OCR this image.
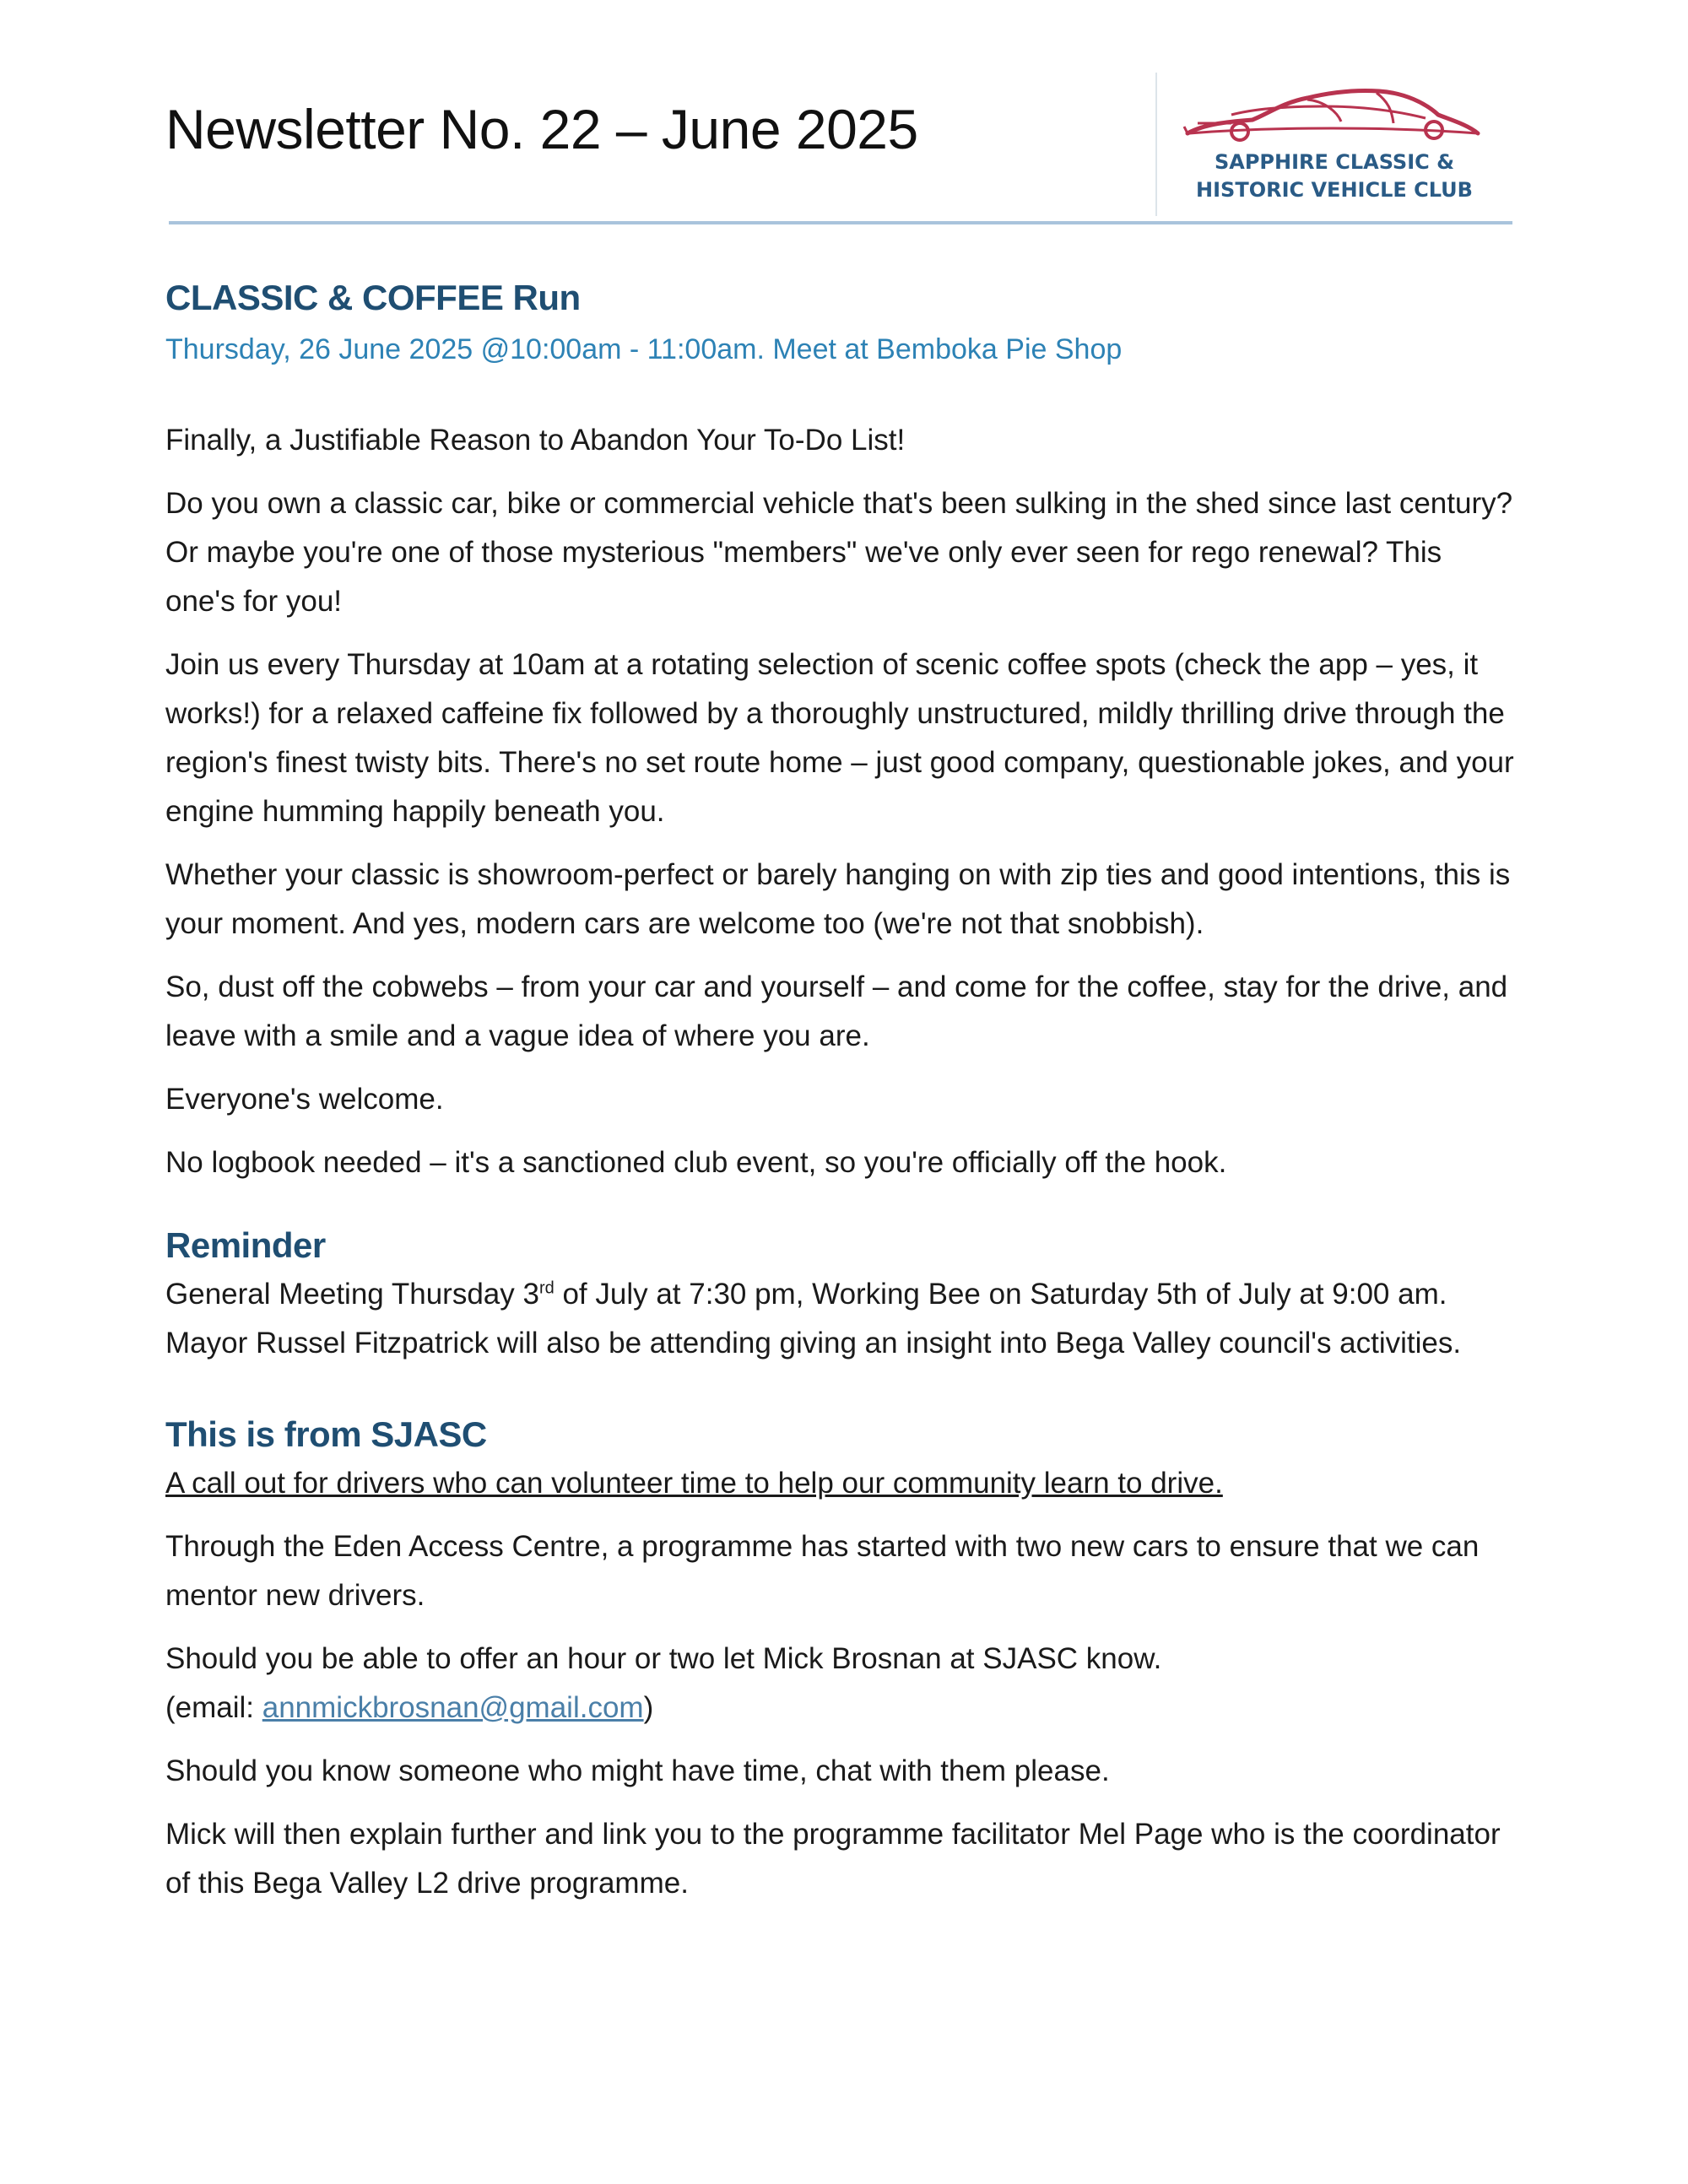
Newsletter No. 22 – June 2025
SAPPHIRE CLASSIC &
HISTORIC VEHICLE CLUB
CLASSIC & COFFEE Run
Thursday, 26 June 2025 @10:00am - 11:00am. Meet at Bemboka Pie Shop

Finally, a Justifiable Reason to Abandon Your To-Do List!

Do you own a classic car, bike or commercial vehicle that's been sulking in the shed since last century? Or maybe you're one of those mysterious "members" we've only ever seen for rego renewal? This one's for you!

Join us every Thursday at 10am at a rotating selection of scenic coffee spots (check the app – yes, it works!) for a relaxed caffeine fix followed by a thoroughly unstructured, mildly thrilling drive through the region's finest twisty bits. There's no set route home – just good company, questionable jokes, and your engine humming happily beneath you.

Whether your classic is showroom-perfect or barely hanging on with zip ties and good intentions, this is your moment. And yes, modern cars are welcome too (we're not that snobbish).

So, dust off the cobwebs – from your car and yourself – and come for the coffee, stay for the drive, and leave with a smile and a vague idea of where you are.

Everyone's welcome.

No logbook needed – it's a sanctioned club event, so you're officially off the hook.

Reminder

General Meeting Thursday 3rd of July at 7:30 pm, Working Bee on Saturday 5th of July at 9:00 am. Mayor Russel Fitzpatrick will also be attending giving an insight into Bega Valley council's activities.

This is from SJASC

A call out for drivers who can volunteer time to help our community learn to drive.

Through the Eden Access Centre, a programme has started with two new cars to ensure that we can mentor new drivers.

Should you be able to offer an hour or two let Mick Brosnan at SJASC know.
(email: annmickbrosnan@gmail.com)

Should you know someone who might have time, chat with them please.

Mick will then explain further and link you to the programme facilitator Mel Page who is the coordinator of this Bega Valley L2 drive programme.
